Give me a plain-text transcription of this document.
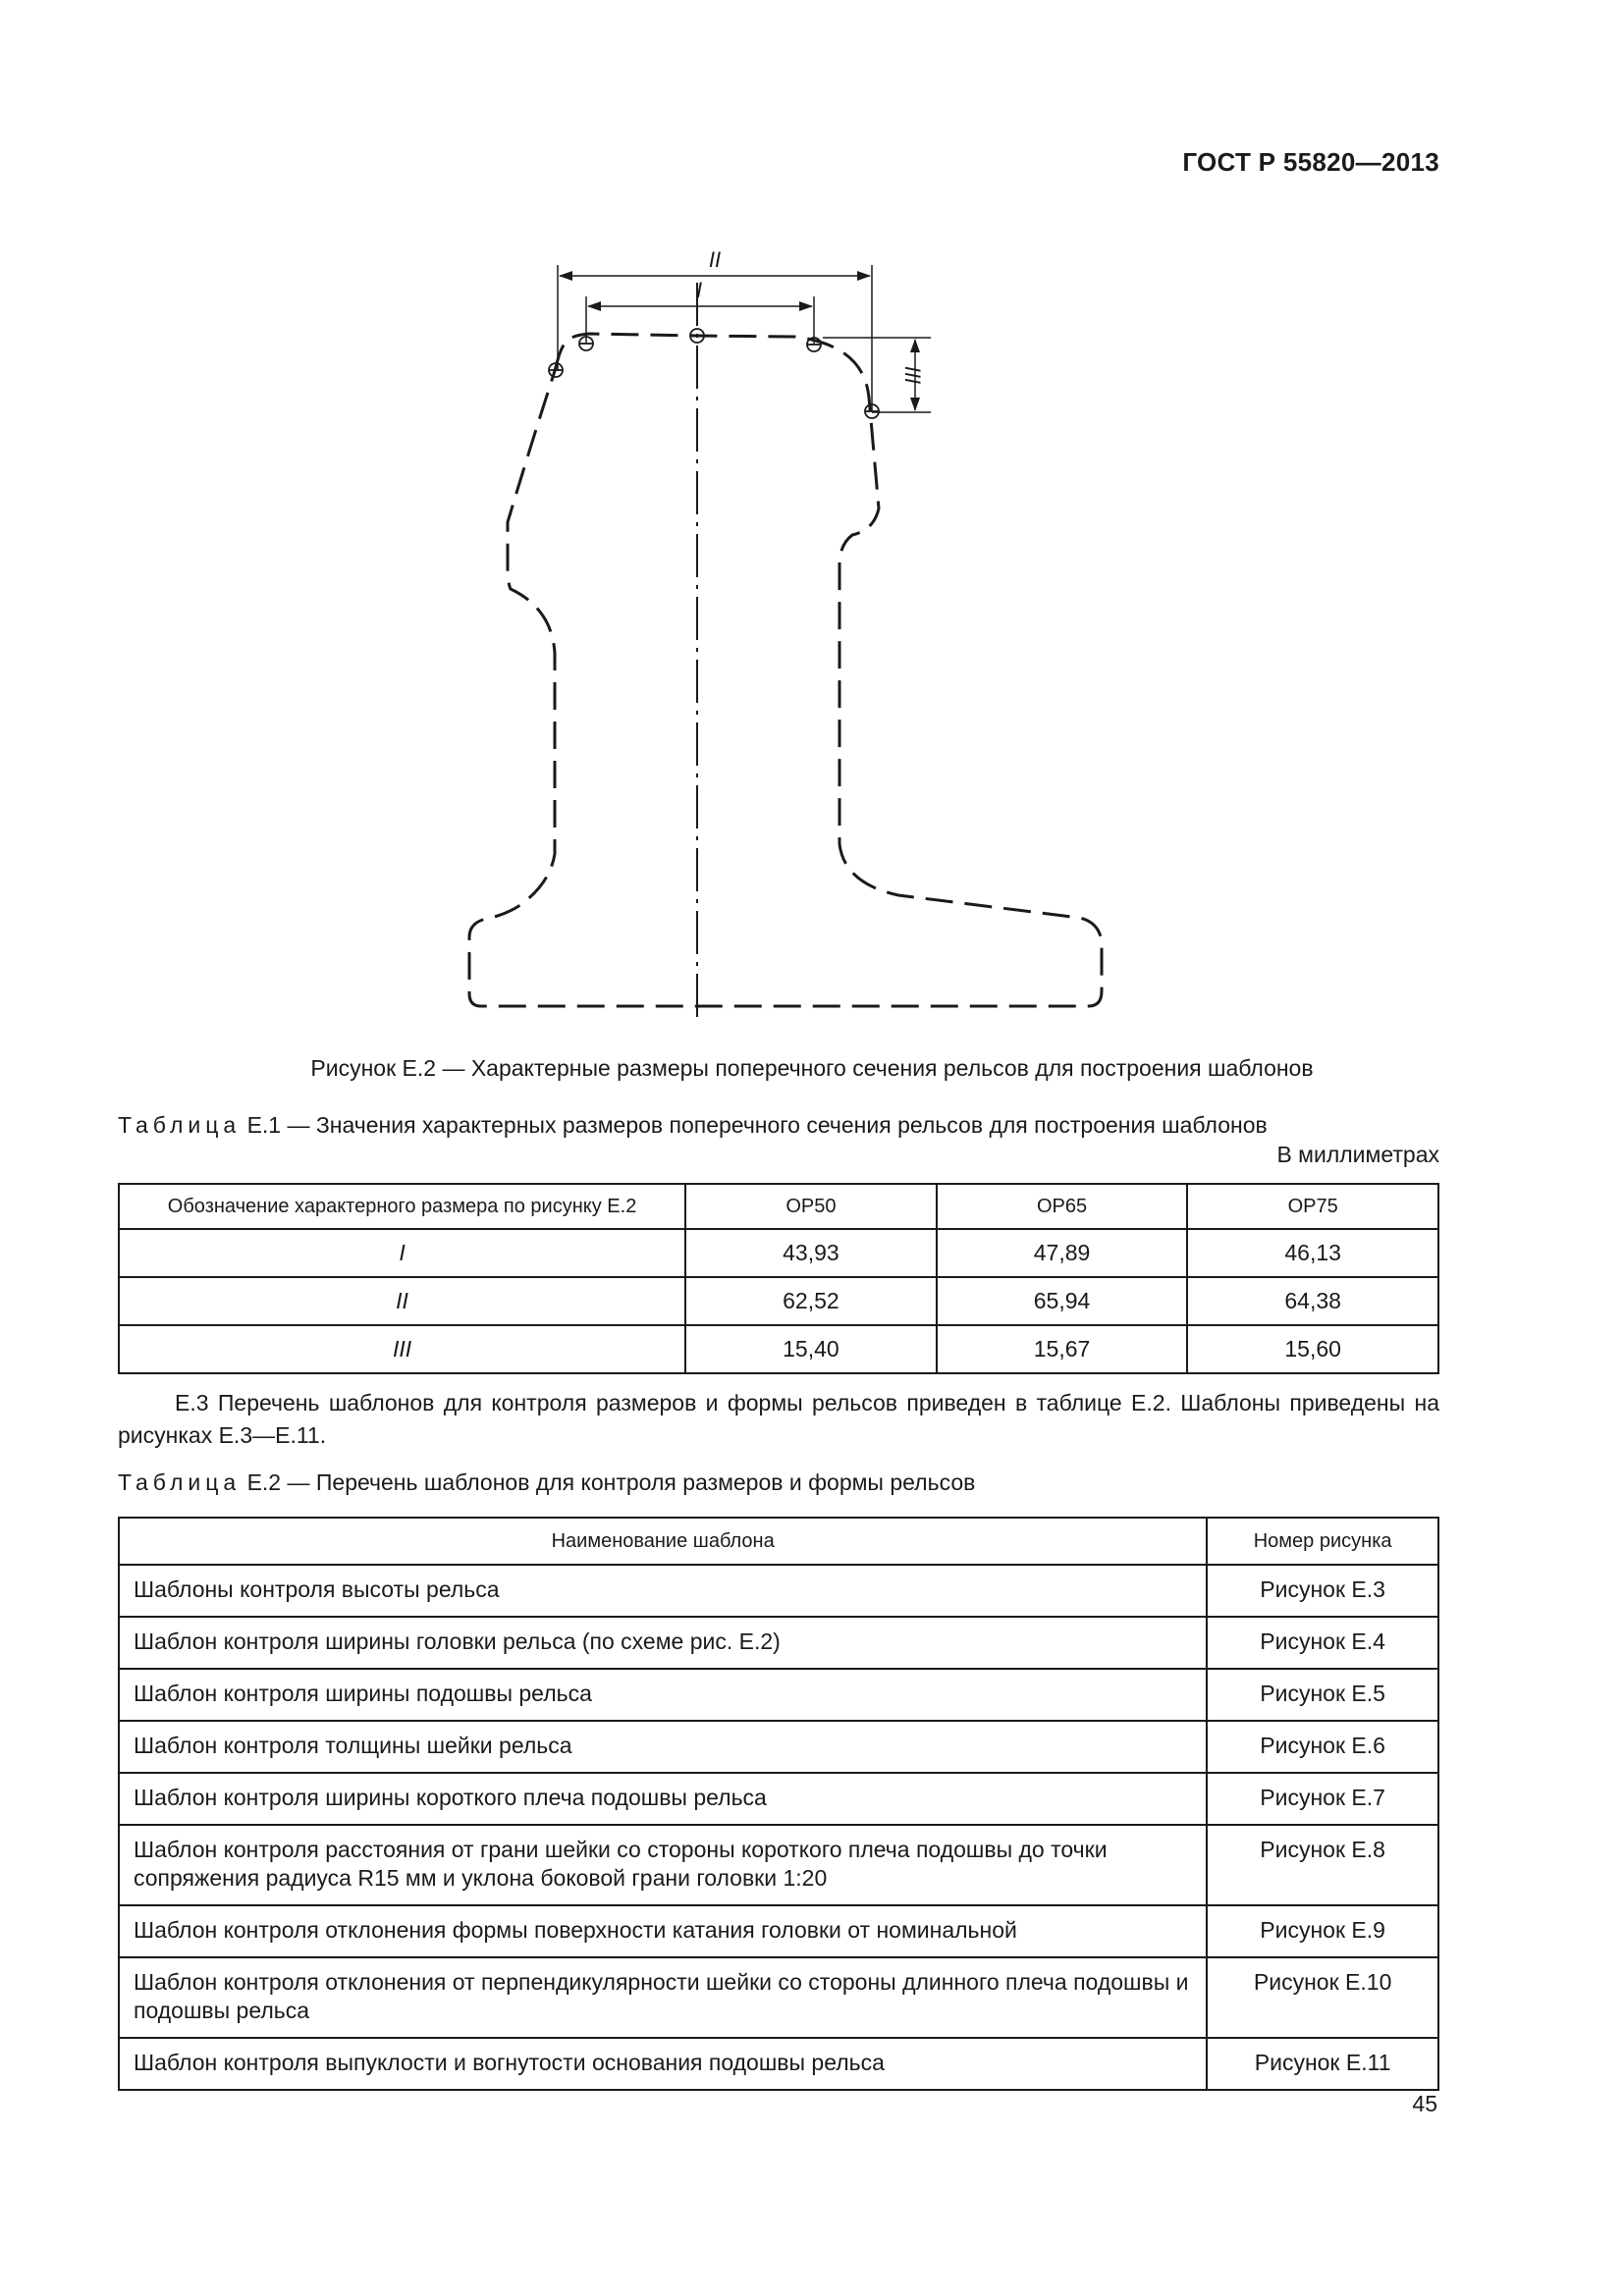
ГОСТ Р 55820—2013
II
I
III
Рисунок Е.2 — Характерные размеры поперечного сечения рельсов для построения шаблонов
Таблица Е.1 — Значения характерных размеров поперечного сечения рельсов для построения шаблонов
В миллиметрах
Обозначение характерного размера по рисунку Е.2	ОР50	ОР65	ОР75
I	43,93	47,89	46,13
II	62,52	65,94	64,38
III	15,40	15,67	15,60
Е.3 Перечень шаблонов для контроля размеров и формы рельсов приведен в таблице Е.2. Шаблоны приведены на рисунках Е.3—Е.11.
Таблица Е.2 — Перечень шаблонов для контроля размеров и формы рельсов
Наименование шаблона	Номер рисунка
Шаблоны контроля высоты рельса	Рисунок Е.3
Шаблон контроля ширины головки рельса (по схеме рис. Е.2)	Рисунок Е.4
Шаблон контроля ширины подошвы рельса	Рисунок Е.5
Шаблон контроля толщины шейки рельса	Рисунок Е.6
Шаблон контроля ширины короткого плеча подошвы рельса	Рисунок Е.7
Шаблон контроля расстояния от грани шейки со стороны короткого плеча подошвы до точки сопряжения радиуса R15 мм и уклона боковой грани головки 1:20	Рисунок Е.8
Шаблон контроля отклонения формы поверхности катания головки от номинальной	Рисунок Е.9
Шаблон контроля отклонения от перпендикулярности шейки со стороны длинного плеча подошвы и подошвы рельса	Рисунок Е.10
Шаблон контроля выпуклости и вогнутости основания подошвы рельса	Рисунок Е.11
45
